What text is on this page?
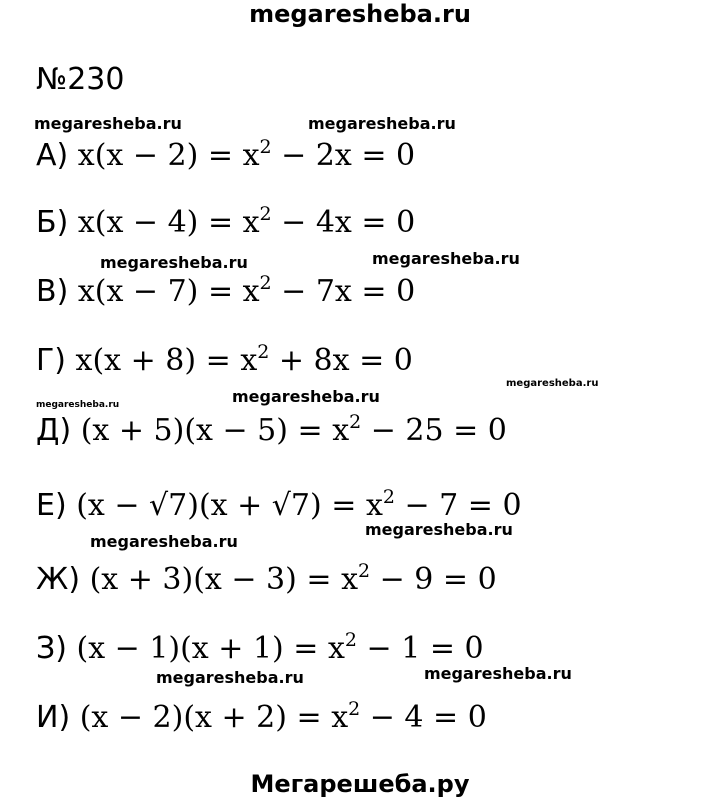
megaresheba.ru
№230
megaresheba.ru	megaresheba.ru
А) $x(x - 2) = x^2 - 2x = 0$
Б) $x(x - 4) = x^2 - 4x = 0$
megaresheba.ru	megaresheba.ru
В) $x(x - 7) = x^2 - 7x = 0$
Г) $x(x + 8) = x^2 + 8x = 0$
megaresheba.ru
megaresheba.ru	megaresheba.ru
Д) $(x + 5)(x - 5) = x^2 - 25 = 0$
Е) $(x - √7)(x + √7) = x^2 - 7 = 0$
megaresheba.ru
megaresheba.ru
Ж) $(x + 3)(x - 3) = x^2 - 9 = 0$
З) $(x - 1)(x + 1) = x^2 - 1 = 0$
megaresheba.ru
megaresheba.ru
И) $(x - 2)(x + 2) = x^2 - 4 = 0$
Мегарешеба.ру
